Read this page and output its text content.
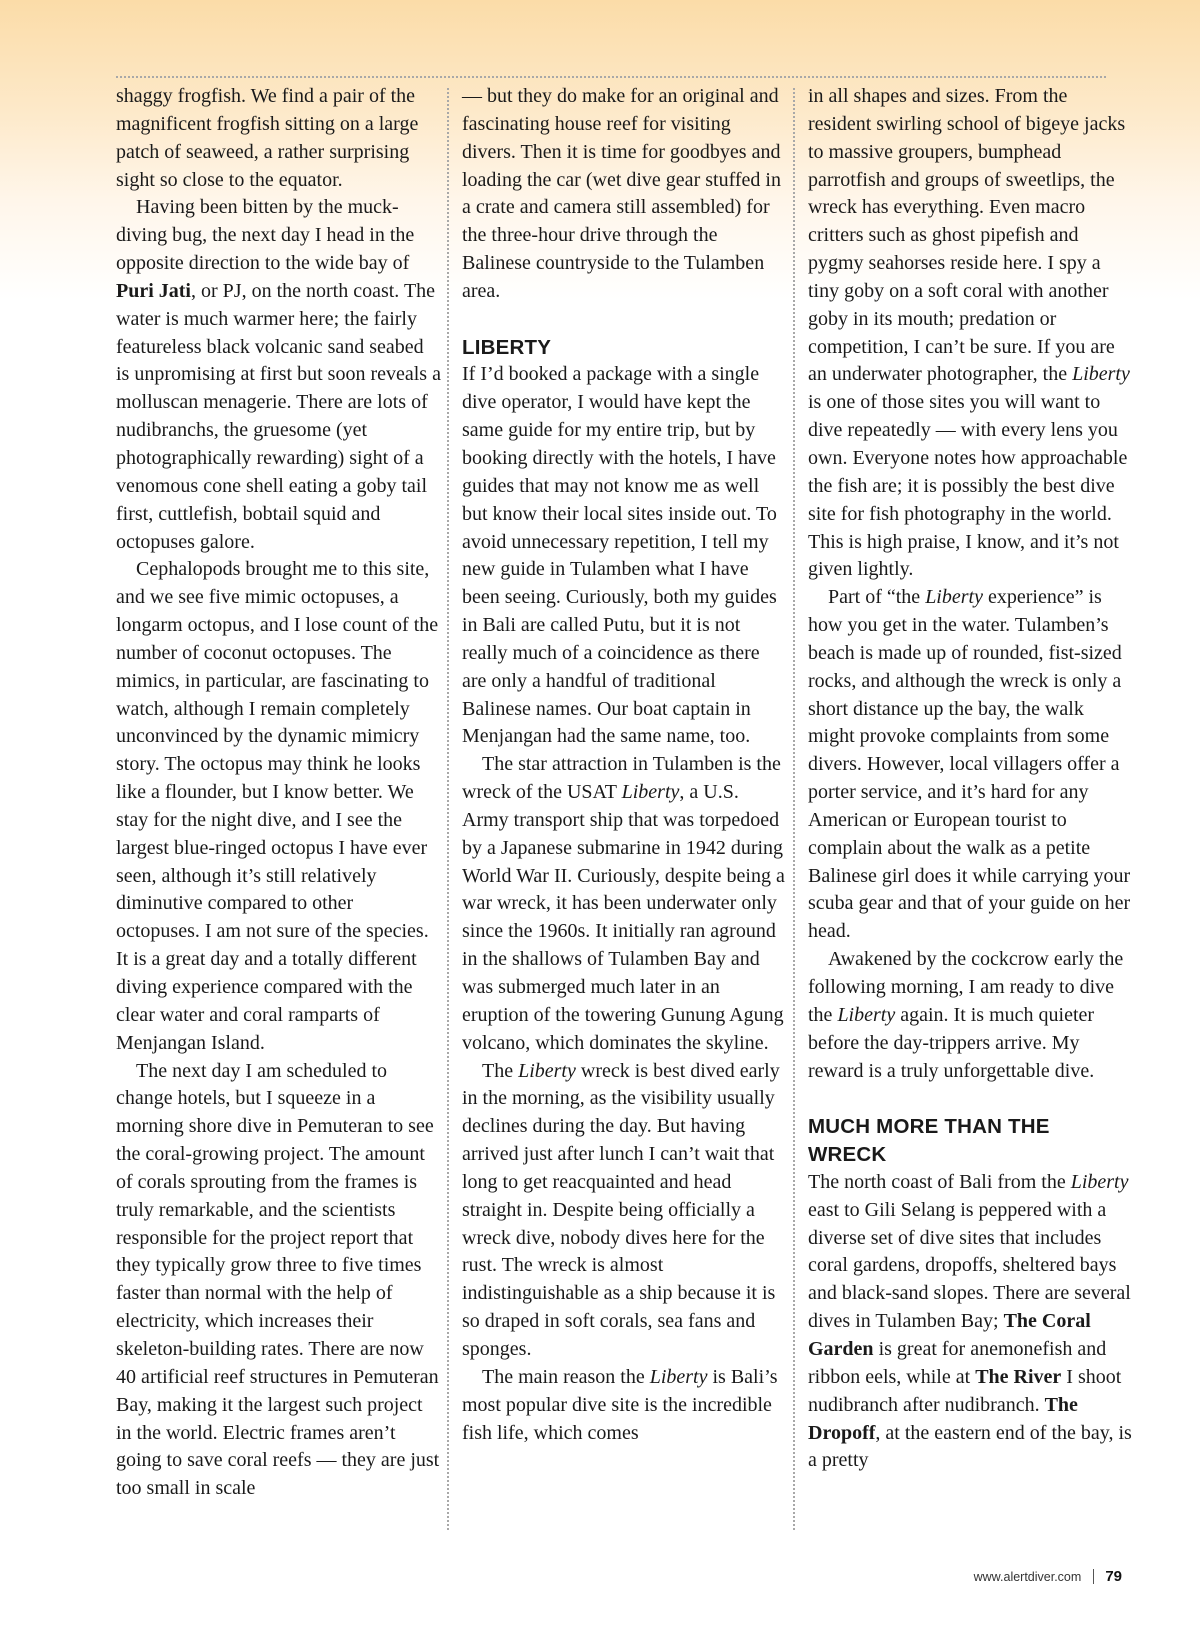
shaggy frogfish. We find a pair of the magnificent frogfish sitting on a large patch of seaweed, a rather surprising sight so close to the equator.

Having been bitten by the muck-diving bug, the next day I head in the opposite direction to the wide bay of Puri Jati, or PJ, on the north coast. The water is much warmer here; the fairly featureless black volcanic sand seabed is unpromising at first but soon reveals a molluscan menagerie. There are lots of nudibranchs, the gruesome (yet photographically rewarding) sight of a venomous cone shell eating a goby tail first, cuttlefish, bobtail squid and octopuses galore.

Cephalopods brought me to this site, and we see five mimic octopuses, a longarm octopus, and I lose count of the number of coconut octopuses. The mimics, in particular, are fascinating to watch, although I remain completely unconvinced by the dynamic mimicry story. The octopus may think he looks like a flounder, but I know better. We stay for the night dive, and I see the largest blue-ringed octopus I have ever seen, although it’s still relatively diminutive compared to other octopuses. I am not sure of the species. It is a great day and a totally different diving experience compared with the clear water and coral ramparts of Menjangan Island.

The next day I am scheduled to change hotels, but I squeeze in a morning shore dive in Pemuteran to see the coral-growing project. The amount of corals sprouting from the frames is truly remarkable, and the scientists responsible for the project report that they typically grow three to five times faster than normal with the help of electricity, which increases their skeleton-building rates. There are now 40 artificial reef structures in Pemuteran Bay, making it the largest such project in the world. Electric frames aren’t going to save coral reefs — they are just too small in scale

— but they do make for an original and fascinating house reef for visiting divers. Then it is time for goodbyes and loading the car (wet dive gear stuffed in a crate and camera still assembled) for the three-hour drive through the Balinese countryside to the Tulamben area.

LIBERTY

If I’d booked a package with a single dive operator, I would have kept the same guide for my entire trip, but by booking directly with the hotels, I have guides that may not know me as well but know their local sites inside out. To avoid unnecessary repetition, I tell my new guide in Tulamben what I have been seeing. Curiously, both my guides in Bali are called Putu, but it is not really much of a coincidence as there are only a handful of traditional Balinese names. Our boat captain in Menjangan had the same name, too.

The star attraction in Tulamben is the wreck of the USAT Liberty, a U.S. Army transport ship that was torpedoed by a Japanese submarine in 1942 during World War II. Curiously, despite being a war wreck, it has been underwater only since the 1960s. It initially ran aground in the shallows of Tulamben Bay and was submerged much later in an eruption of the towering Gunung Agung volcano, which dominates the skyline.

The Liberty wreck is best dived early in the morning, as the visibility usually declines during the day. But having arrived just after lunch I can’t wait that long to get reacquainted and head straight in. Despite being officially a wreck dive, nobody dives here for the rust. The wreck is almost indistinguishable as a ship because it is so draped in soft corals, sea fans and sponges.

The main reason the Liberty is Bali’s most popular dive site is the incredible fish life, which comes

in all shapes and sizes. From the resident swirling school of bigeye jacks to massive groupers, bumphead parrotfish and groups of sweetlips, the wreck has everything. Even macro critters such as ghost pipefish and pygmy seahorses reside here. I spy a tiny goby on a soft coral with another goby in its mouth; predation or competition, I can’t be sure. If you are an underwater photographer, the Liberty is one of those sites you will want to dive repeatedly — with every lens you own. Everyone notes how approachable the fish are; it is possibly the best dive site for fish photography in the world. This is high praise, I know, and it’s not given lightly.

Part of “the Liberty experience” is how you get in the water. Tulamben’s beach is made up of rounded, fist-sized rocks, and although the wreck is only a short distance up the bay, the walk might provoke complaints from some divers. However, local villagers offer a porter service, and it’s hard for any American or European tourist to complain about the walk as a petite Balinese girl does it while carrying your scuba gear and that of your guide on her head.

Awakened by the cockcrow early the following morning, I am ready to dive the Liberty again. It is much quieter before the day-trippers arrive. My reward is a truly unforgettable dive.

MUCH MORE THAN THE WRECK

The north coast of Bali from the Liberty east to Gili Selang is peppered with a diverse set of dive sites that includes coral gardens, dropoffs, sheltered bays and black-sand slopes. There are several dives in Tulamben Bay; The Coral Garden is great for anemonefish and ribbon eels, while at The River I shoot nudibranch after nudibranch. The Dropoff, at the eastern end of the bay, is a pretty

www.alertdiver.com 79
